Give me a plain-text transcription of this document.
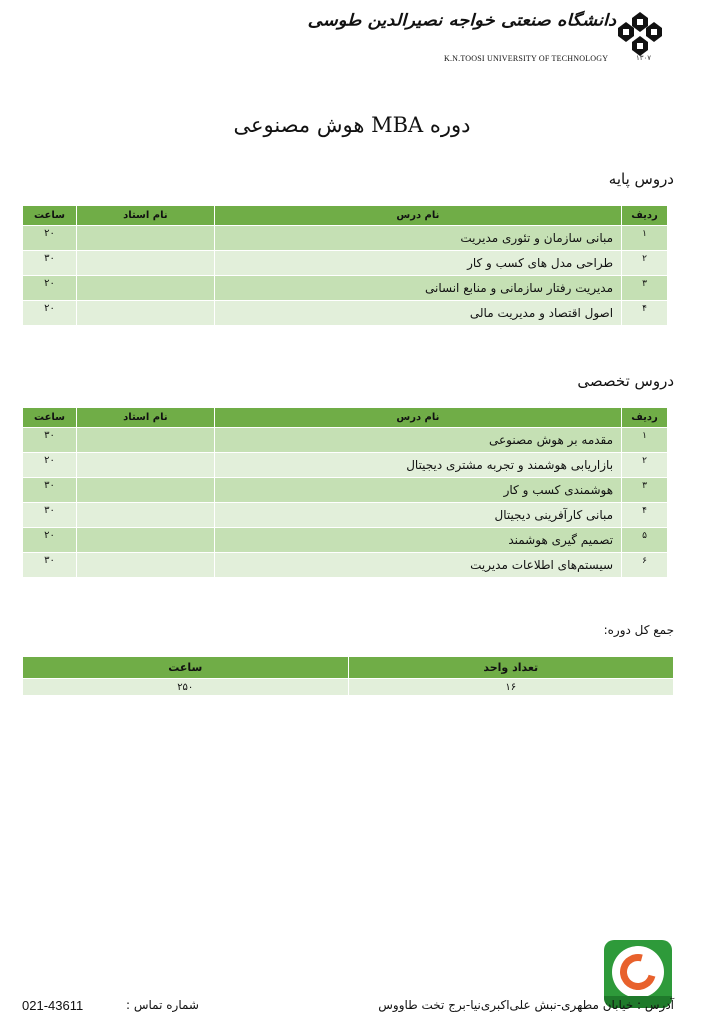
دانشگاه صنعتی خواجه نصیرالدین طوسی
K.N.TOOSI UNIVERSITY OF TECHNOLOGY	۱۳۰۷
دوره MBA هوش مصنوعی
دروس پایه
ردیف	نام درس	نام استاد	ساعت
۱	مبانی سازمان و تئوری مدیریت		۲۰
۲	طراحی مدل های کسب و کار		۳۰
۳	مدیریت رفتار سازمانی و منابع انسانی		۲۰
۴	اصول اقتصاد و مدیریت مالی		۲۰
دروس تخصصی
ردیف	نام درس	نام استاد	ساعت
۱	مقدمه بر هوش مصنوعی		۳۰
۲	بازاریابی هوشمند و تجربه مشتری دیجیتال		۲۰
۳	هوشمندی کسب و کار		۳۰
۴	مبانی کارآفرینی دیجیتال		۳۰
۵	تصمیم گیری هوشمند		۲۰
۶	سیستم‌های اطلاعات مدیریت		۳۰
جمع کل دوره:
تعداد واحد	ساعت
۱۶	۲۵۰
021-43611	شماره تماس :	آدرس : خیابان مطهری-نبش علی‌اکبری‌نیا-برج تخت طاووس
